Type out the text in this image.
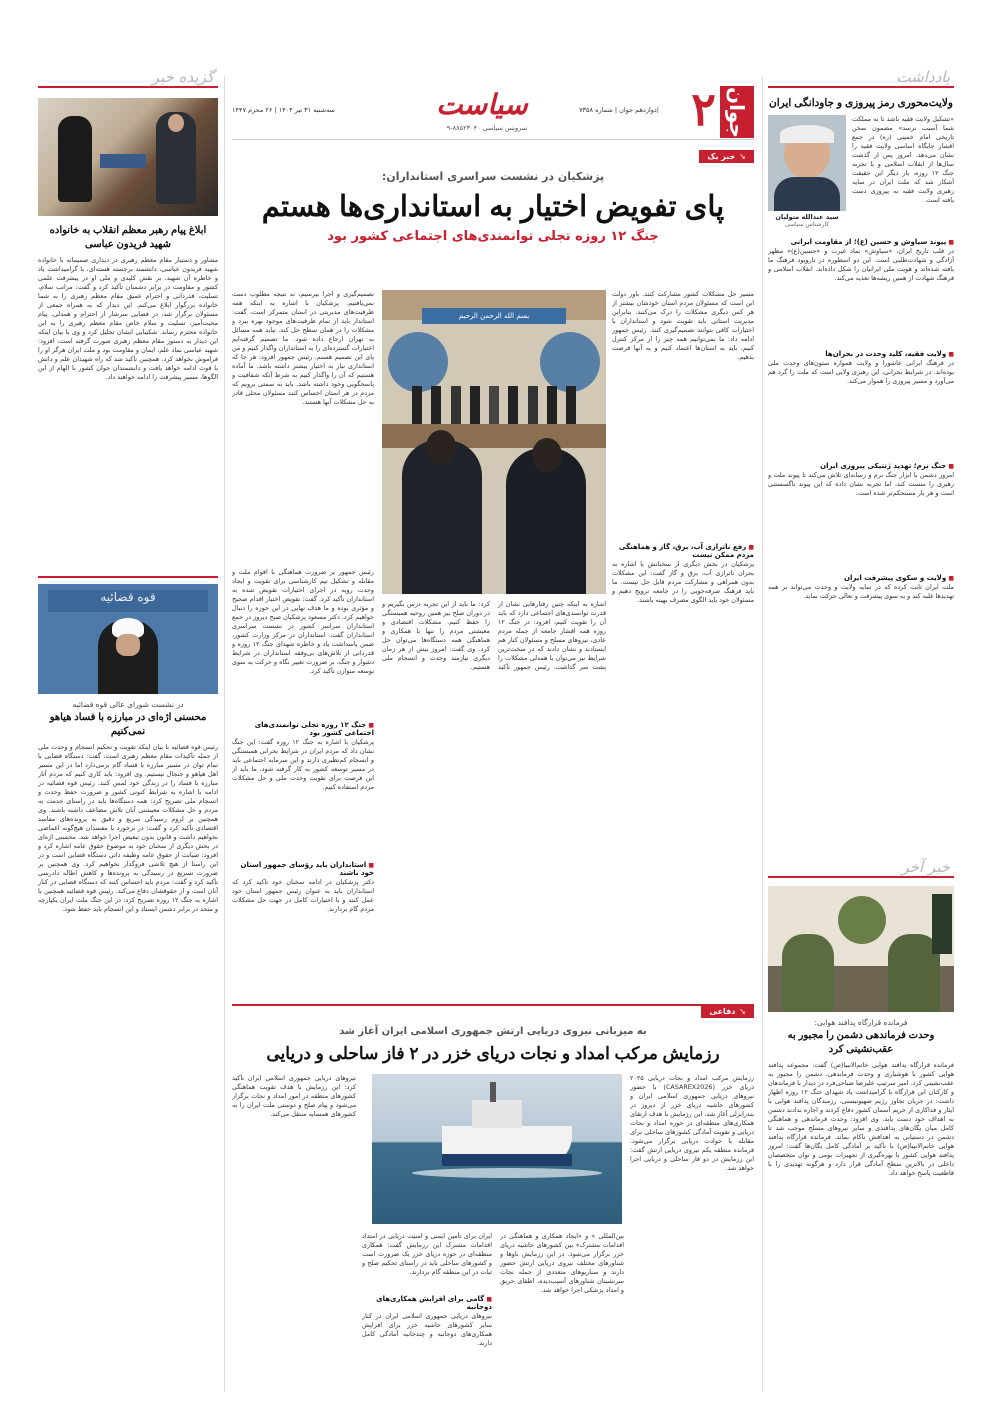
۲ جوان
سیاست
سرویس سیاسی ۸۸۵۲۳۰۴۰-۹
|دوازدهم جوان | شماره ۷۳۵۸
سه‌شنبه ۳۱ تیر ۱۴۰۴ | ۲۶ محرم ۱۴۴۷
گزیده خبر
ابلاغ پیام رهبر معظم انقلاب به خانواده شهید فریدون عباسی
مشاور و دستیار مقام معظم رهبری در دیداری صمیمانه با خانواده شهید فریدون عباسی، دانشمند برجسته هسته‌ای، با گرامیداشت یاد و خاطره آن شهید، بر نقش کلیدی و ملی او در پیشرفت علمی کشور و مقاومت در برابر دشمنان تأکید کرد و گفت: مراتب سلام، تسلیت، قدردانی و احترام عمیق مقام معظم رهبری را به شما خانواده بزرگوار ابلاغ می‌کنم. این دیدار که به همراه جمعی از مسئولان برگزار شد، در فضایی سرشار از احترام و همدلی، پیام محبت‌آمیز، تسلیت و سلام خاص مقام معظم رهبری را به این خانواده محترم رساند. شکیبایی ایشان تجلیل کرد و وی با بیان اینکه این دیدار به دستور مقام معظم رهبری صورت گرفته است، افزود: شهید عباسی نماد علم، ایمان و مقاومت بود و ملت ایران هرگز او را فراموش نخواهد کرد. همچنین تأکید شد که راه شهیدان علم و دانش با قوت ادامه خواهد یافت و دانشمندان جوان کشور با الهام از این الگوها، مسیر پیشرفت را ادامه خواهند داد.
قوه قضائیه
در نشست شورای عالی قوه قضائیه
محسنی اژه‌ای در مبارزه با فساد هیاهو نمی‌کنیم
رئیس قوه قضائیه با بیان اینکه تقویت و تحکیم انسجام و وحدت ملی از جمله تأکیدات مقام معظم رهبری است، گفت: دستگاه قضایی با تمام توان در مسیر مبارزه با فساد گام برمی‌دارد اما در این مسیر اهل هیاهو و جنجال نیستیم. وی افزود: باید کاری کنیم که مردم آثار مبارزه با فساد را در زندگی خود لمس کنند. رئیس قوه قضائیه در ادامه با اشاره به شرایط کنونی کشور و ضرورت حفظ وحدت و انسجام ملی تصریح کرد: همه دستگاه‌ها باید در راستای خدمت به مردم و حل مشکلات معیشتی آنان تلاش مضاعف داشته باشند. وی همچنین بر لزوم رسیدگی سریع و دقیق به پرونده‌های مفاسد اقتصادی تأکید کرد و گفت: در برخورد با مفسدان هیچ‌گونه اغماضی نخواهیم داشت و قانون بدون تبعیض اجرا خواهد شد. محسنی اژه‌ای در بخش دیگری از سخنان خود به موضوع حقوق عامه اشاره کرد و افزود: صیانت از حقوق عامه وظیفه ذاتی دستگاه قضایی است و در این راستا از هیچ تلاشی فروگذار نخواهیم کرد. وی همچنین بر ضرورت تسریع در رسیدگی به پرونده‌ها و کاهش اطاله دادرسی تأکید کرد و گفت: مردم باید احساس کنند که دستگاه قضایی در کنار آنان است و از حقوقشان دفاع می‌کند. رئیس قوه قضائیه همچنین با اشاره به جنگ ۱۲ روزه تصریح کرد: در این جنگ ملت ایران یکپارچه و متحد در برابر دشمن ایستاد و این انسجام باید حفظ شود.
➘
خبر یک
پزشکیان در نشست سراسری استانداران:
پای تفویض اختیار به استانداری‌ها هستم
جنگ ۱۲ روزه تجلی توانمندی‌های اجتماعی کشور بود
بسم الله الرحمن الرحیم
مسیر حل مشکلات کشور مشارکت کنند. باور دولت این است که مسئولان مردم استان خودشان بیشتر از هر کس دیگری مشکلات را درک می‌کنند. بنابراین مدیریت استانی باید تقویت شود و استانداران با اختیارات کافی بتوانند تصمیم‌گیری کنند. رئیس جمهور ادامه داد: ما نمی‌توانیم همه چیز را از مرکز کنترل کنیم، باید به استان‌ها اعتماد کنیم و به آنها فرصت بدهیم.
■ رفع ناترازی آب، برق، گاز و هماهنگی مردم ممکن نیست
پزشکیان در بخش دیگری از سخنانش با اشاره به بحران ناترازی آب، برق و گاز گفت: این مشکلات بدون همراهی و مشارکت مردم قابل حل نیست. ما باید فرهنگ صرفه‌جویی را در جامعه ترویج دهیم و مسئولان خود باید الگوی مصرف بهینه باشند.
رئیس جمهور بر ضرورت هماهنگی با اقوام ملت و مقابله و تشکیل تیم کارشناسی برای تقویت و ایجاد وحدت رویه در اجرای اختیارات تفویض شده به استانداران تأکید کرد. گفت: تفویض اختیار اقدام صحیح و مؤثری بوده و ما هدف نهایی در این حوزه را دنبال خواهیم کرد. دکتر مسعود پزشکیان صبح دیروز در جمع استانداران سراسر کشور در نشست سراسری استانداران گفت: استانداران در مرکز وزارت کشور، ضمن پاسداشت یاد و خاطره شهدای جنگ ۱۲ روزه و قدردانی از تلاش‌های بی‌وقفه استانداران در شرایط دشوار و جنگ، بر ضرورت تغییر نگاه و حرکت به سوی توسعه متوازن تأکید کرد.
■ جنگ ۱۲ روزه تجلی توانمندی‌های اجتماعی کشور بود
پزشکیان با اشاره به جنگ ۱۲ روزه گفت: این جنگ نشان داد که مردم ایران در شرایط بحرانی همبستگی و انسجام کم‌نظیری دارند و این سرمایه اجتماعی باید در مسیر توسعه کشور به کار گرفته شود. ما باید از این فرصت برای تقویت وحدت ملی و حل مشکلات مردم استفاده کنیم.
■ استانداران باید رؤسای جمهور استان خود باشند
دکتر پزشکیان در ادامه سخنان خود تأکید کرد که استانداران باید به عنوان رئیس جمهور استان خود عمل کنند و با اختیارات کامل در جهت حل مشکلات مردم گام بردارند.
تصمیم‌گیری و اجرا بپرسیم، نه نتیجه مطلوب دست نمی‌یافتیم. پزشکیان با اشاره به اینکه همه ظرفیت‌های مدیریتی در استان متمرکز است، گفت: استاندار باید از تمام ظرفیت‌های موجود بهره ببرد و مشکلات را در همان سطح حل کند. نباید همه مسائل به تهران ارجاع داده شود. ما تصمیم گرفته‌ایم اختیارات گسترده‌ای را به استانداران واگذار کنیم و من پای این تصمیم هستم. رئیس جمهور افزود: هر جا که استانداری نیاز به اختیار بیشتر داشته باشد، ما آماده هستیم که آن را واگذار کنیم به شرط آنکه شفافیت و پاسخگویی وجود داشته باشد. باید به سمتی برویم که مردم در هر استان احساس کنند مسئولان محلی قادر به حل مشکلات آنها هستند.
اشاره به اینکه چنین رفتارهایی نشان از قدرت توانمندی‌های اجتماعی دارد که باید آن را تقویت کنیم، افزود: در جنگ ۱۲ روزه همه اقشار جامعه از جمله مردم عادی، نیروهای مسلح و مسئولان کنار هم ایستادند و نشان دادند که در سخت‌ترین شرایط نیز می‌توان با همدلی مشکلات را پشت سر گذاشت. رئیس جمهور تأکید کرد: ما باید از این تجربه درس بگیریم و در دوران صلح نیز همین روحیه همبستگی را حفظ کنیم. مشکلات اقتصادی و معیشتی مردم را تنها با همکاری و هماهنگی همه دستگاه‌ها می‌توان حل کرد. وی گفت: امروز بیش از هر زمان دیگری نیازمند وحدت و انسجام ملی هستیم.
➘
دفاعی
به میزبانی نیروی دریایی ارتش جمهوری اسلامی ایران آغاز شد
رزمایش مرکب امداد و نجات دریای خزر در ۲ فاز ساحلی و دریایی
رزمایش مرکب امداد و نجات دریایی ۲۰۲۵ دریای خزر (CASAREX2026) با حضور نیروهای دریایی جمهوری اسلامی ایران و کشورهای حاشیه دریای خزر از دیروز در بندرانزلی آغاز شد. این رزمایش با هدف ارتقای همکاری‌های منطقه‌ای در حوزه امداد و نجات دریایی و تقویت آمادگی کشورهای ساحلی برای مقابله با حوادث دریایی برگزار می‌شود. فرمانده منطقه یکم نیروی دریایی ارتش گفت: این رزمایش در دو فاز ساحلی و دریایی اجرا خواهد شد.
بین‌المللی » و «ایجاد همکاری و هماهنگی در اقدامات مشترک» بین کشورهای حاشیه دریای خزر برگزار می‌شود. در این رزمایش ناوها و شناورهای مختلف نیروی دریایی ارتش حضور دارند و سناریوهای متعددی از جمله نجات سرنشینان شناورهای آسیب‌دیده، اطفای حریق و امداد پزشکی اجرا خواهد شد.
ایران برای تأمین ایمنی و امنیت دریایی در امتداد اقدامات مشترک این رزمایش گفت: همکاری منطقه‌ای در حوزه دریای خزر یک ضرورت است و کشورهای ساحلی باید در راستای تحکیم صلح و ثبات در این منطقه گام بردارند.
■ گامی برای افزایش همکاری‌های دوجانبه
نیروهای دریایی جمهوری اسلامی ایران در کنار سایر کشورهای حاشیه خزر برای افزایش همکاری‌های دوجانبه و چندجانبه آمادگی کامل دارند.
نیروهای دریایی جمهوری اسلامی ایران تأکید کرد: این رزمایش با هدف تقویت هماهنگی کشورهای منطقه در امور امداد و نجات برگزار می‌شود و پیام صلح و دوستی ملت ایران را به کشورهای همسایه منتقل می‌کند.
یادداشت
ولایت‌محوری رمز پیروزی و جاودانگی ایران
«تشکیل ولایت فقیه باشد تا به مملکت شما آسیب نرسد» مضمون سخن تاریخی امام خمینی (ره) در جمع اقشار جایگاه اساسی ولایت فقیه را نشان می‌دهد. امروز پس از گذشت سال‌ها از انقلاب اسلامی و با تجربه جنگ ۱۲ روزه، بار دیگر این حقیقت آشکار شد که ملت ایران در سایه رهبری ولایت فقیه به پیروزی دست یافته است.
سید عبدالله متولیان
کارشناس سیاسی
■ پیوند سیاوش و حسین (ع)؛ از مقاومت ایرانی
در قلب تاریخ ایران، «سیاوش» نماد غیرت و «حسین(ع)» مظهر آزادگی و شهادت‌طلبی است. این دو اسطوره در تاروپود فرهنگ ما بافته شده‌اند و هویت ملی ایرانیان را شکل داده‌اند. انقلاب اسلامی و فرهنگ شهادت از همین ریشه‌ها تغذیه می‌کند.
■ ولایت فقیه، کلید وحدت در بحران‌ها
در فرهنگ ایرانی عاشورا و ولایت همواره ستون‌های وحدت ملی بوده‌اند. در شرایط بحرانی، این رهبری ولایی است که ملت را گرد هم می‌آورد و مسیر پیروزی را هموار می‌کند.
■ جنگ نرم؛ تهدید ژنتیکی پیروزی ایران
امروز دشمن با ابزار جنگ نرم و رسانه‌ای تلاش می‌کند تا پیوند ملت و رهبری را سست کند، اما تجربه نشان داده که این پیوند ناگسستنی است و هر بار مستحکم‌تر شده است.
■ ولایت و سکوی پیشرفت ایران
ملت ایران ثابت کرده که در سایه ولایت و وحدت می‌تواند بر همه تهدیدها غلبه کند و به سوی پیشرفت و تعالی حرکت نماید.
خبر آخر
فرمانده قرارگاه پدافند هوایی:
وحدت فرماندهی دشمن را مجبور به عقب‌نشینی کرد
فرمانده قرارگاه پدافند هوایی خاتم‌الانبیا(ص) گفت: مجموعه پدافند هوایی کشور با هوشیاری و وحدت فرماندهی، دشمن را مجبور به عقب‌نشینی کرد. امیر سرتیپ علیرضا صباحی‌فرد در دیدار با فرماندهان و کارکنان این قرارگاه با گرامیداشت یاد شهدای جنگ ۱۲ روزه اظهار داشت: در جریان تجاوز رژیم صهیونیستی، رزمندگان پدافند هوایی با ایثار و فداکاری از حریم آسمان کشور دفاع کردند و اجازه ندادند دشمن به اهداف خود دست یابد. وی افزود: وحدت فرماندهی و هماهنگی کامل میان یگان‌های پدافندی و سایر نیروهای مسلح موجب شد تا دشمن در دستیابی به اهدافش ناکام بماند. فرمانده قرارگاه پدافند هوایی خاتم‌الانبیا(ص) با تأکید بر آمادگی کامل یگان‌ها گفت: امروز پدافند هوایی کشور با بهره‌گیری از تجهیزات بومی و توان متخصصان داخلی در بالاترین سطح آمادگی قرار دارد و هرگونه تهدیدی را با قاطعیت پاسخ خواهد داد.
